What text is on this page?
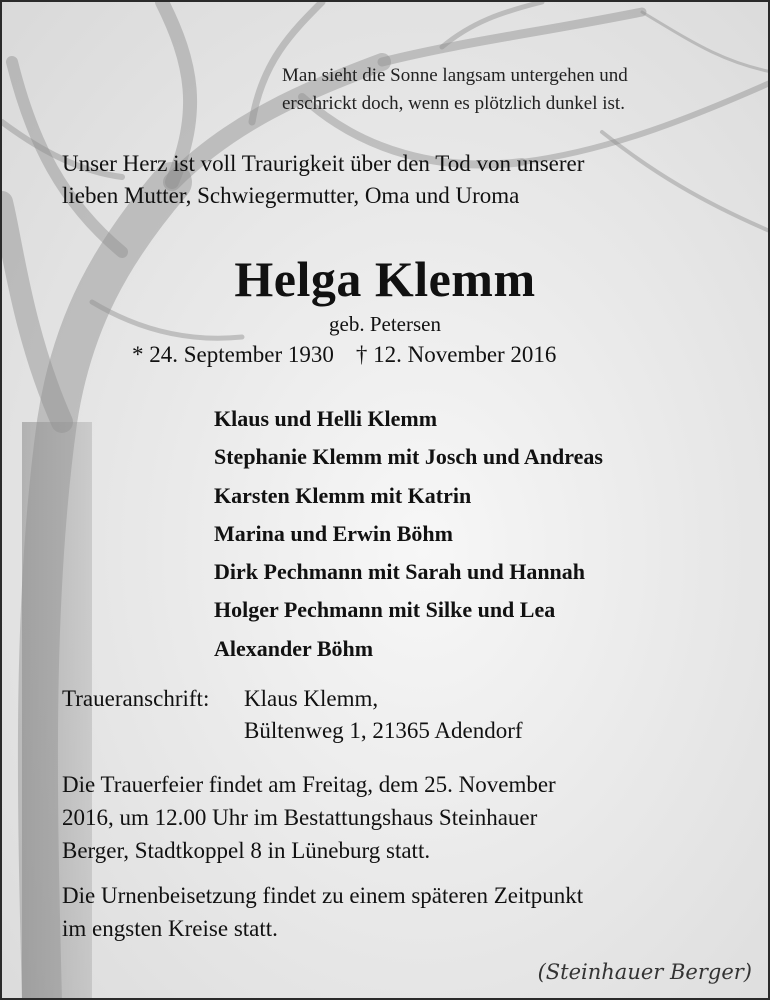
Man sieht die Sonne langsam untergehen und
erschrickt doch, wenn es plötzlich dunkel ist.
Unser Herz ist voll Traurigkeit über den Tod von unserer
lieben Mutter, Schwiegermutter, Oma und Uroma
Helga Klemm
geb. Petersen
* 24. September 1930 † 12. November 2016
Klaus und Helli Klemm
Stephanie Klemm mit Josch und Andreas
Karsten Klemm mit Katrin
Marina und Erwin Böhm
Dirk Pechmann mit Sarah und Hannah
Holger Pechmann mit Silke und Lea
Alexander Böhm
Traueranschrift: Klaus Klemm,
Bültenweg 1, 21365 Adendorf
Die Trauerfeier findet am Freitag, dem 25. November
2016, um 12.00 Uhr im Bestattungshaus Steinhauer
Berger, Stadtkoppel 8 in Lüneburg statt.
Die Urnenbeisetzung findet zu einem späteren Zeitpunkt
im engsten Kreise statt.
(Steinhauer Berger)
